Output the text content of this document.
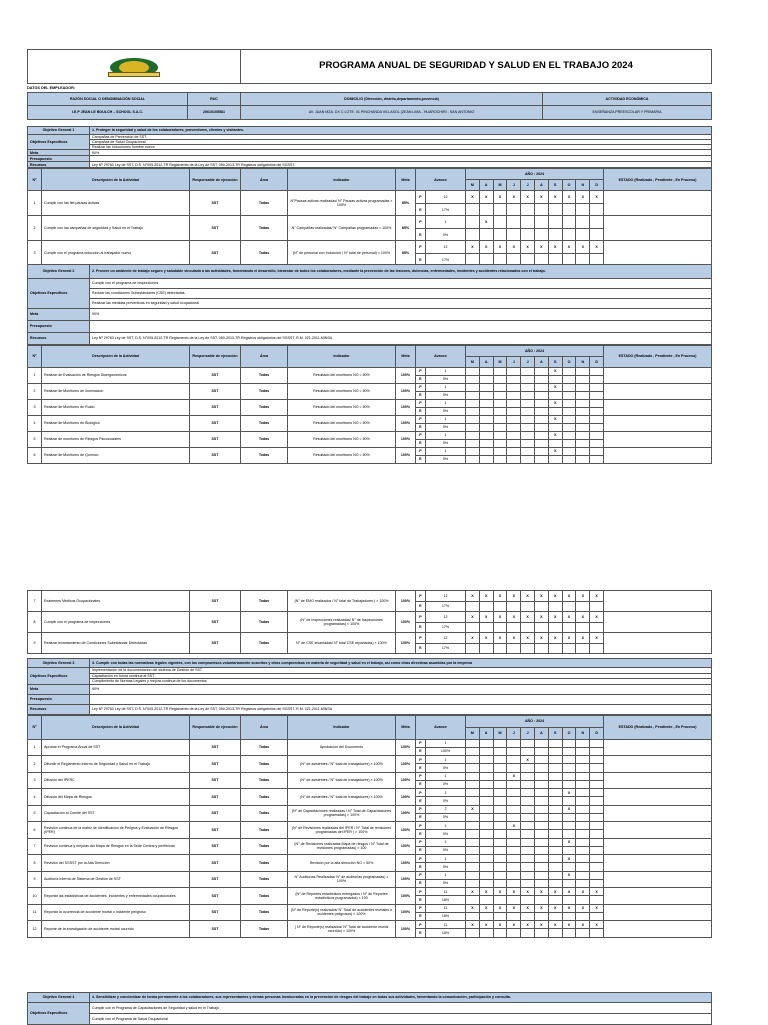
	PROGRAMA ANUAL DE SEGURIDAD Y SALUD EN EL TRABAJO 2024
DATOS DEL EMPLEADOR:
RAZÓN SOCIAL O DENOMINACIÓN SOCIAL	RUC	DOMICILIO (Dirección, distrito,departamento,provincia)	ACTIVIDAD ECONÓMICA
I.E.P JEAN LE BOULCH – SCHOOL S.A.C.	20610105581	AV. JUAN MZA. DX C LOTE. 01 PINCHANDA VILLASOL (ZEAN LIMA - HUAROCHIRI - SAN ANTONIO	ENSEÑANZA PREESCOLAR Y PRIMARIA
Objetivo General 1	1. Proteger la seguridad y salud de los colaboradores, proveedores, clientes y visitantes.
Objetivos Específicos	Campañas de Prevención de SST
	Campañas de Salud Ocupacional
	Realizar las inducciones hombre nuevo
Meta	90%
Presupuesto	
Recursos	Ley Nº 29783 Ley de SST, D.S. N°005-2012-TR Reglamento de la Ley de SST, 050-2013-TR Registros obligatorios del SGSST.
Nº	Descripción de la Actividad	Responsable de ejecución	Área	Indicador	Meta	Avance		AÑO : 2024										ESTADO (Realizado , Pendiente , En Proceso)
								M	A	M	J	J	A	S	O	N	D	
1	Cumplir con las fiet pausas activas	SST	Todas	N°Pausas activas realizadas/ N° Pausas activas programadas × 100%	85%	P	12	X	X	X	X	X	X	X	X	X	X	
						E	17%											
2	Cumplir con las campañas de seguridad y Salud en el Trabajo	SST	Todas	N° Campañas realizadas/ N° Campañas programadas × 100%	85%	P	1		X									
						E	0%											
3	Cumplir con el programa inducción al trabajador nuevo	SST	Todas	(N° de personal con Inducción / N° total de personal) × 100%	85%	P	12	X	X	X	X	X	X	X	X	X	X	
						E	17%											
Objetivo General 2	2. Proveer un ambiente de trabajo seguro y saludable vinculado a las actividades, fomentando el desarrollo, bienestar de todos los colaboradores, mediante la prevención de las lesiones, dolencias, enfermedades, incidentes y accidentes relacionados con el trabajo.
Objetivos Específicos	Cumplir con el programa de inspecciones
	Reducir las condiciones Subestándares (CSE) detectadas.
	Realizar las medidas preventivas en seguridad y salud ocupacional
Meta	90%
Presupuesto	
Recursos	Ley Nº 29783 Ley de SST, D.S. N°005-2012-TR Reglamento de la Ley de SST, 050-2013-TR Registros obligatorios del SGSST, R.M. 021-2011-MINSA
Nº	Descripción de la Actividad	Responsable de ejecución	Área	Indicador	Meta	Avance		AÑO : 2024										ESTADO (Realizado , Pendiente , En Proceso)
								M	A	M	J	J	A	S	O	N	D	
1	Realizar de Evaluación de Riesgos Disergonómicos	SST	Todas	Resultado del monitoreo NO = 80%	100%	P	1							X				
						E	0%											
2	Realizar de Monitoreo de Iluminación	SST	Todas	Resultado del monitoreo NO = 80%	100%	P	1							X				
						E	0%											
3	Realizar de Monitoreo de Ruido	SST	Todas	Resultado del monitoreo NO = 80%	100%	P	1							X				
						E	0%											
4	Realizar de Monitoreo de Biológico	SST	Todas	Resultado del monitoreo NO = 80%	100%	P	1							X				
						E	0%											
5	Realizar de monitoreo de Riesgos Psicosociales	SST	Todas	Resultado del monitoreo NO = 80%	100%	P	1							X				
						E	0%											
6	Realizar de Monitoreo de Químico	SST	Todas	Resultado del monitoreo NO = 80%	100%	P	1							X				
						E	0%											
7	Exámenes Médicos Ocupacionales	SST	Todas	(N° de EMO realizados / N° total de Trabajadores ) × 100%	100%	P	12	X	X	X	X	X	X	X	X	X	X	
						E	17%											
8	Cumplir con el programa de inspecciones	SST	Todas	(N° de Inspecciones realizadas/ N° de Inspecciones programadas) × 100%	100%	P	12	X	X	X	X	X	X	X	X	X	X	
						E	17%											
9	Realizar levantamiento de Condiciones Subestándar Detectadas	SST	Todas	N° de CSE levantadas/ N° total CSE reportadas) × 100%	100%	P	12	X	X	X	X	X	X	X	X	X	X	
						E	17%											
Objetivo General 3	3. Cumplir con todas las normativas legales vigentes, con los compromisos voluntariamente suscritos y otros compromisos en materia de seguridad y salud en el trabajo, así como otras directivas asumidas por la empresa
Objetivos Específicos	Implementación de la documentación del sistema de Gestión de SST
	Capacitación en forma continua al SST
	Cumplimiento de Normas Legales y mejora continua de los documentos
Meta	90%
Presupuesto	
Recursos	Ley Nº 29783 Ley de SST, D.S. N°005-2012-TR Reglamento de la Ley de SST, 050-2013-TR Registros obligatorios del SGSST, R.M. 021-2011-MINSA
Nº	Descripción de la Actividad	Responsable de ejecución	Área	Indicador	Meta	Avance		AÑO : 2024										ESTADO (Realizado , Pendiente , En Proceso)
								M	A	M	J	J	A	S	O	N	D	
1	Aprobar el Programa Anual de SST	SST	Todas	Aprobación del Documento	100%	P	1											
						E	100%											
2	Difundir el Reglamento Interno de Seguridad y Salud en el Trabajo	SST	Todas	(N° de asistentes / N° total de trabajadores) × 100%	100%	P	1					X						
						E	0%											
3	Difusión del IPERC	SST	Todas	(N° de asistentes / N° total de trabajadores) × 100%	100%	P	1				X							
						E	0%											
4	Difusión del Mapa de Riesgos	SST	Todas	(N° de asistentes / N° total de trabajadores) × 100%	100%	P	1								X			
						E	0%											
5	Capacitación al Comité del SST	SST	Todas	(N° de Capacitaciones realizadas / N° Total de Capacitaciones programadas) × 100%	100%	P	2	X							X			
						E	0%											
6	Revisión continua de la matriz de identificación de Peligros y Evaluación de Riesgos (IPER)	SST	Todas	(N° de Revisiones realizadas del IPER / N° Total de revisiones programadas del IPER ) × 100%	100%	P	1				X							
						E	0%											
7	Revisión continua y mejoras del Mapa de Riesgos en la Sede Central y periféricas	SST	Todas	(N° de Revisiones realizadas Mapa de riesgos / N° Total de revisiones programadas) × 100	100%	P	1								X			
						E	0%											
8	Revisión del SGSST por la Alta Dirección	SST	Todas	Revisión por la alta dirección NO = 50%	100%	P	1								X			
						E	0%											
9	Auditoría Interna de Sistema de Gestión de SST	SST	Todas	N° Auditorías Realizadas/ N° de auditorías programadas) × 100%	100%	P	1								X			
						E	0%											
10	Reportar las estadísticas de accidentes, incidentes y enfermedades ocupacionales	SST	Todas	(N° de Reportes estadísticos entregados / N° de Reportes estadísticos programados) × 100	100%	P	11	X	X	X	X	X	X	X	X	X	X	
						E	18%											
11	Reportar la ocurrencia de accidente mortal o incidente peligroso	SST	Todas	(N° de Reporte(s) realizados/ N° Total de accidentes mortales o incidentes peligrosos) × 100%	100%	P	11	X	X	X	X	X	X	X	X	X	X	
						E	18%											
12	Reporte de la investigación de accidente mortal ocurrido	SST	Todas	( N° de Reporte(s) realizados/ N° Total de accidente mortal ocurrido) × 100%	100%	P	11	X	X	X	X	X	X	X	X	X	X	
						E	18%											
Objetivo General 4	4. Sensibilizar y concientizar de forma permanente a los colaboradores, sus representantes y demás personas involucradas en la prevención de riesgos del trabajo en todas sus actividades, fomentando la comunicación, participación y consulta.
Objetivos Específicos	Cumplir con el Programa de Capacitaciones de Seguridad y salud en el Trabajo
	Cumplir con el Programa de Salud Ocupacional
